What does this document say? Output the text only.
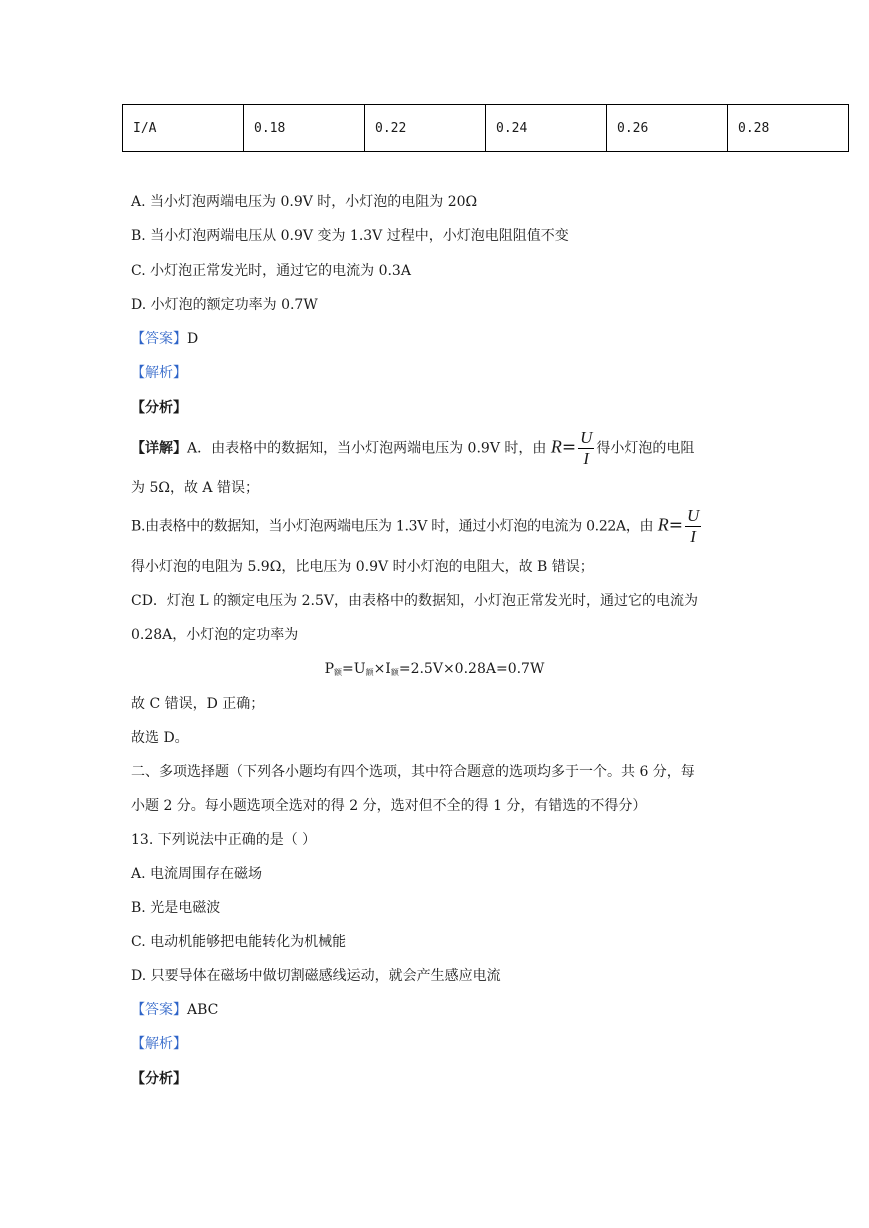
I/A	0.18	0.22	0.24	0.26	0.28
A. 当小灯泡两端电压为 0.9V 时，小灯泡的电阻为 20Ω
B. 当小灯泡两端电压从 0.9V 变为 1.3V 过程中，小灯泡电阻阻值不变
C. 小灯泡正常发光时，通过它的电流为 0.3A
D. 小灯泡的额定功率为 0.7W
【答案】D
【解析】
【分析】
【详解】A．由表格中的数据知，当小灯泡两端电压为 0.9V 时，由 $R= \frac{U}{I}$ 得小灯泡的电阻
为 5Ω，故 A 错误；
B.由表格中的数据知，当小灯泡两端电压为 1.3V 时，通过小灯泡的电流为 0.22A，由 $R= \frac{U}{I}$
得小灯泡的电阻为 5.9Ω，比电压为 0.9V 时小灯泡的电阻大，故 B 错误；
CD．灯泡 L 的额定电压为 2.5V，由表格中的数据知，小灯泡正常发光时，通过它的电流为
0.28A，小灯泡的定功率为
$P_额=U_额\times I_额=2.5V\times 0.28A=0.7W$
故 C 错误，D 正确；
故选 D。
二、多项选择题（下列各小题均有四个选项，其中符合题意的选项均多于一个。共 6 分，每
小题 2 分。每小题选项全选对的得 2 分，选对但不全的得 1 分，有错选的不得分）
13. 下列说法中正确的是（ ）
A. 电流周围存在磁场
B. 光是电磁波
C. 电动机能够把电能转化为机械能
D. 只要导体在磁场中做切割磁感线运动，就会产生感应电流
【答案】ABC
【解析】
【分析】
